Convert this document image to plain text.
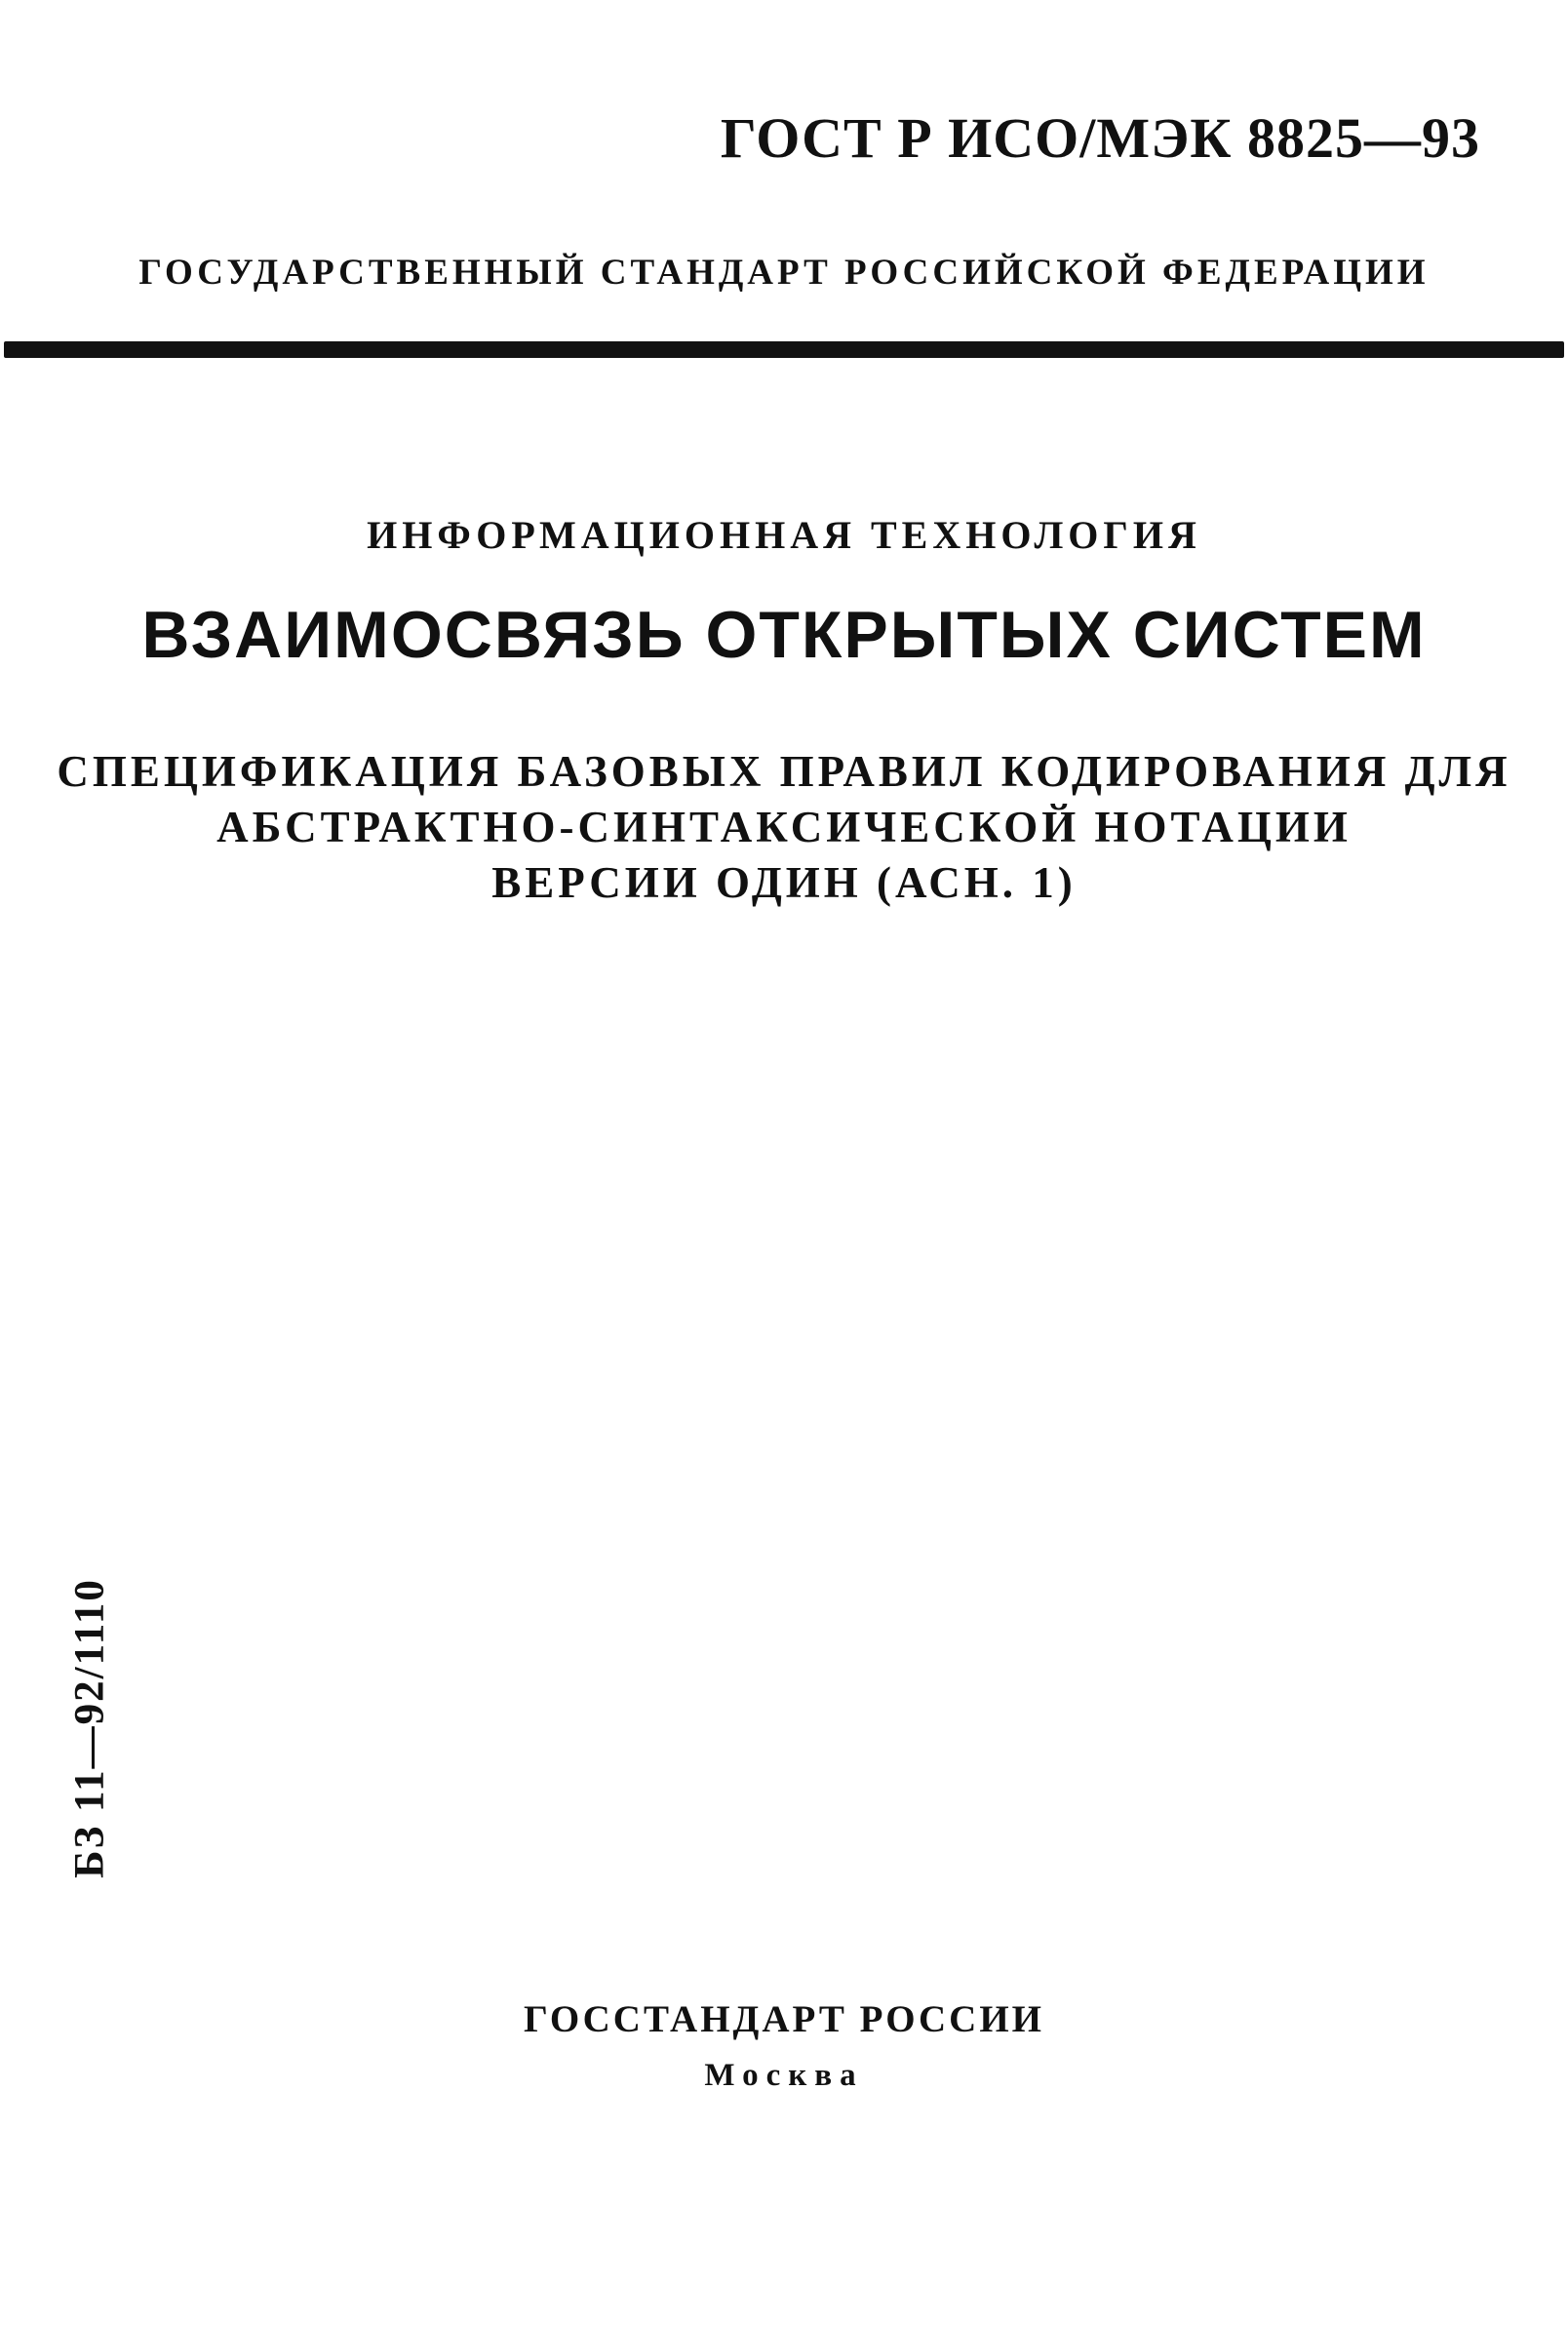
ГОСТ Р ИСО/МЭК 8825—93
ГОСУДАРСТВЕННЫЙ СТАНДАРТ РОССИЙСКОЙ ФЕДЕРАЦИИ
ИНФОРМАЦИОННАЯ ТЕХНОЛОГИЯ
ВЗАИМОСВЯЗЬ ОТКРЫТЫХ СИСТЕМ
СПЕЦИФИКАЦИЯ БАЗОВЫХ ПРАВИЛ КОДИРОВАНИЯ ДЛЯ
АБСТРАКТНО-СИНТАКСИЧЕСКОЙ НОТАЦИИ
ВЕРСИИ ОДИН (АСН. 1)
БЗ 11—92/1110
ГОССТАНДАРТ РОССИИ
Москва
